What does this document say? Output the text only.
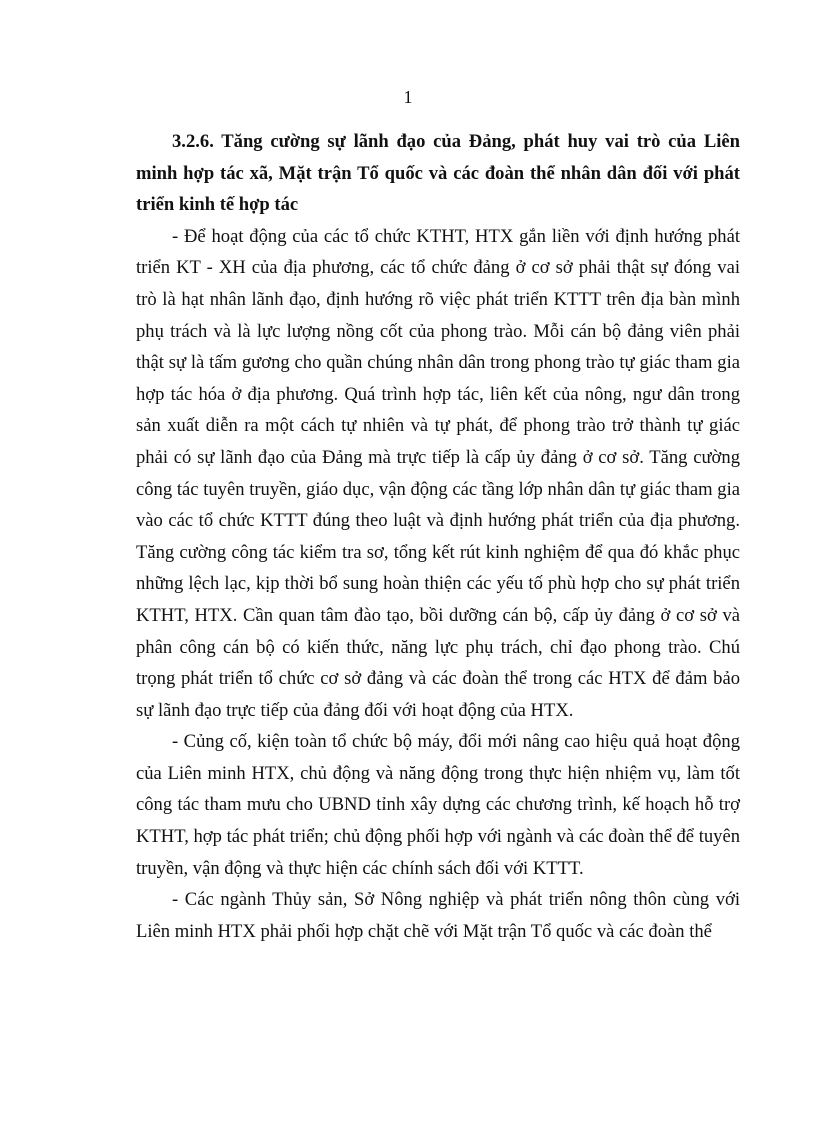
1

3.2.6. Tăng cường sự lãnh đạo của Đảng, phát huy vai trò của Liên minh hợp tác xã, Mặt trận Tổ quốc và các đoàn thể nhân dân đối với phát triển kinh tế hợp tác

- Để hoạt động của các tổ chức KTHT, HTX gắn liền với định hướng phát triển KT - XH của địa phương, các tổ chức đảng ở cơ sở phải thật sự đóng vai trò là hạt nhân lãnh đạo, định hướng rõ việc phát triển KTTT trên địa bàn mình phụ trách và là lực lượng nồng cốt của phong trào. Mỗi cán bộ đảng viên phải thật sự là tấm gương cho quần chúng nhân dân trong phong trào tự giác tham gia hợp tác hóa ở địa phương. Quá trình hợp tác, liên kết của nông, ngư dân trong sản xuất diễn ra một cách tự nhiên và tự phát, để phong trào trở thành tự giác phải có sự lãnh đạo của Đảng mà trực tiếp là cấp ủy đảng ở cơ sở. Tăng cường công tác tuyên truyền, giáo dục, vận động các tầng lớp nhân dân tự giác tham gia vào các tổ chức KTTT đúng theo luật và định hướng phát triển của địa phương. Tăng cường công tác kiểm tra sơ, tổng kết rút kinh nghiệm để qua đó khắc phục những lệch lạc, kịp thời bổ sung hoàn thiện các yếu tố phù hợp cho sự phát triển KTHT, HTX. Cần quan tâm đào tạo, bồi dưỡng cán bộ, cấp ủy đảng ở cơ sở và phân công cán bộ có kiến thức, năng lực phụ trách, chỉ đạo phong trào. Chú trọng phát triển tổ chức cơ sở đảng và các đoàn thể trong các HTX để đảm bảo sự lãnh đạo trực tiếp của đảng đối với hoạt động của HTX.

- Củng cố, kiện toàn tổ chức bộ máy, đổi mới nâng cao hiệu quả hoạt động của Liên minh HTX, chủ động và năng động trong thực hiện nhiệm vụ, làm tốt công tác tham mưu cho UBND tỉnh xây dựng các chương trình, kế hoạch hỗ trợ KTHT, hợp tác phát triển; chủ động phối hợp với ngành và các đoàn thể để tuyên truyền, vận động và thực hiện các chính sách đối với KTTT.

- Các ngành Thủy sản, Sở Nông nghiệp và phát triển nông thôn cùng với Liên minh HTX phải phối hợp chặt chẽ với Mặt trận Tổ quốc và các đoàn thể
